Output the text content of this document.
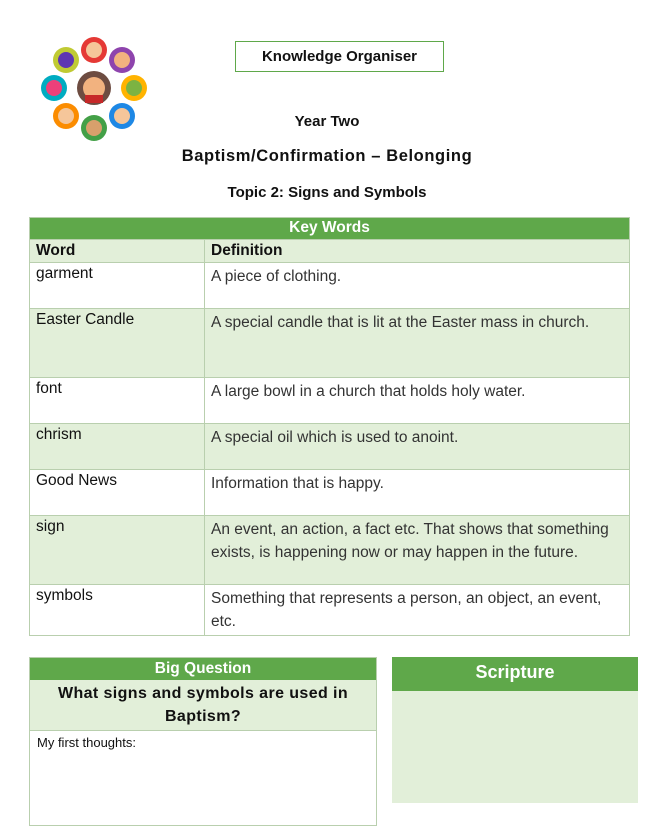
Knowledge Organiser
Year Two
Baptism/Confirmation – Belonging
Topic 2: Signs and Symbols
Key Words	
Word	Definition
garment	A piece of clothing.
Easter Candle	A special candle that is lit at the Easter mass in church.
font	A large bowl in a church that holds holy water.
chrism	A special oil which is used to anoint.
Good News	Information that is happy.
sign	An event, an action, a fact etc. That shows that something exists, is happening now or may happen in the future.
symbols	Something that represents a person, an object, an event, etc.
Big Question
What signs and symbols are used in Baptism?
My first thoughts:
Scripture
